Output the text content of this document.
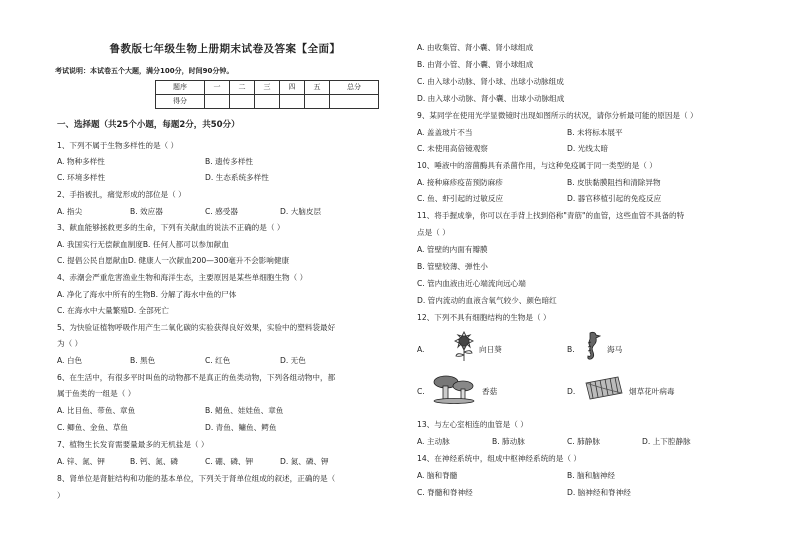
鲁教版七年级生物上册期末试卷及答案【全面】
考试说明：本试卷五个大题，满分100分，时间90分钟。
题序	一	二	三	四	五	总分
得分						
一、选择题（共25个小题，每题2分，共50分）
1、下列不属于生物多样性的是（ ）
A. 物种多样性	B. 遗传多样性
C. 环境多样性	D. 生态系统多样性
2、手指被扎，痛觉形成的部位是（ ）
A. 指尖	B. 效应器	C. 感受器	D. 大脑皮层
3、献血能够拯救更多的生命，下列有关献血的说法不正确的是（ ）
A. 我国实行无偿献血制度B. 任何人都可以参加献血
C. 提倡公民自愿献血D. 健康人一次献血200—300毫升不会影响健康
4、赤潮会严重危害渔业生物和海洋生态，主要原因是某些单细胞生物（ ）
A. 净化了海水中所有的生物B. 分解了海水中鱼的尸体
C. 在海水中大量繁殖D. 全部死亡
5、为快验证植物呼吸作用产生二氧化碳的实验获得良好效果，实验中的塑料袋最好
为（ ）
A. 白色	B. 黑色	C. 红色	D. 无色
6、在生活中，有很多平时叫鱼的动物都不是真正的鱼类动物，下列各组动物中，都
属于鱼类的一组是（ ）
A. 比目鱼、带鱼、章鱼	B. 鲳鱼、娃娃鱼、章鱼
C. 鲫鱼、金鱼、草鱼	D. 青鱼、鳙鱼、鳄鱼
7、植物生长发育需要量最多的无机盐是（ ）
A. 锌、氮、钾	B. 钙、氮、磷	C. 硼、磷、钾	D. 氮、磷、钾
8、肾单位是肾脏结构和功能的基本单位，下列关于肾单位组成的叙述，正确的是（
）
A. 由收集管、肾小囊、肾小球组成
B. 由肾小管、肾小囊、肾小球组成
C. 由入球小动脉、肾小球、出球小动脉组成
D. 由入球小动脉、肾小囊、出球小动脉组成
9、某同学在使用光学显微镜时出现如图所示的状况，请你分析最可能的原因是（ ）
A. 盖盖玻片不当	B. 未将标本展平
C. 未使用高倍镜观察	D. 光线太暗
10、唾液中的溶菌酶具有杀菌作用，与这种免疫属于同一类型的是（ ）
A. 接种麻疹疫苗预防麻疹	B. 皮肤黏膜阻挡和清除异物
C. 鱼、虾引起的过敏反应	D. 器官移植引起的免疫反应
11、将手握成拳，你可以在手背上找到俗称"青筋"的血管，这些血管不具备的特
点是（ ）
A. 管壁的内面有瓣膜
B. 管壁较薄、弹性小
C. 管内血液由近心端流向远心端
D. 管内流动的血液含氧气较少、颜色暗红
12、下列不具有细胞结构的生物是（ ）
A.	向日葵	B.	海马
C.	香菇	D.	烟草花叶病毒
13、与左心室相连的血管是（ ）
A. 主动脉	B. 肺动脉	C. 肺静脉	D. 上下腔静脉
14、在神经系统中，组成中枢神经系统的是（ ）
A. 脑和脊髓	B. 脑和脑神经
C. 脊髓和脊神经	D. 脑神经和脊神经
